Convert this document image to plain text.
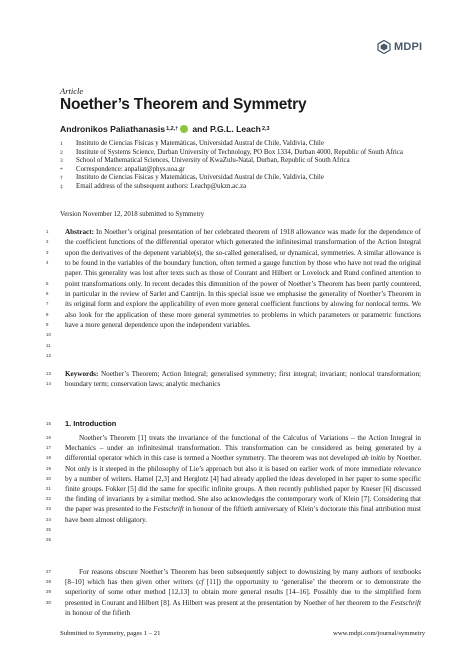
MDPI
Article
Noether’s Theorem and Symmetry
Andronikos Paliathanasis 1,2,† and
P.G.L. Leach 2,3
1 Instituto de Ciencias Físicas y Matemáticas, Universidad Austral de Chile, Valdivia, Chile
2 Institute of Systems Science, Durban University of Technology, PO Box 1334, Durban 4000, Republic of South Africa
3 School of Mathematical Sciences, University of KwaZulu-Natal, Durban, Republic of South Africa
* Correspondence: anpaliat@phys.uoa.gr
† Instituto de Ciencias Físicas y Matemáticas, Universidad Austral de Chile, Valdivia, Chile
‡ Email address of the subsequent authors: Leachp@ukzn.ac.za
Version November 12, 2018 submitted to Symmetry
1
2
3
4
5
6
7
8
9
10
11
12
13
14
15
16
17
18
19
20
21
22
23
24
25
26
27
28
29
30
Abstract: In Noether’s original presentation of her celebrated theorem of 1918 allowance was made for the dependence of the coefficient functions of the differential operator which generated the infinitesimal transformation of the Action Integral upon the derivatives of the depenent variable(s), the so-called generalised, or dynamical, symmetries. A similar allowance is to be found in the variables of the boundary function, often termed a gauge function by those who have not read the original paper. This generality was lost after texts such as those of Courant and Hilbert or Lovelock and Rund confined attention to point transformations only. In recent decades this dimunition of the power of Noether’s Theorem has been partly countered, in particular in the review of Sarlet and Cantrijn. In this special issue we emphasise the generality of Noether’s Theorem in its original form and explore the applicability of even more general coefficient functions by alowing for nonlocal terms. We also look for the application of these more general symmetries to problems in which parameters or parametric functions have a more general dependence upon the independent variables.
Keywords: Noether’s Theorem; Action Integral; generalised symmetry; first integral; invariant; nonlocal transformation; boundary term; conservation laws; analytic mechanics
1. Introduction
Noether’s Theorem [1] treats the invariance of the functional of the Calculus of Variations – the Action Integral in Mechanics – under an infinitesimal transformation. This transformation can be considered as being generated by a differential operator which in this case is termed a Noether symmetry. The theorem was not developed ab initio by Noether. Not only is it steeped in the philosophy of Lie’s approach but also it is based on earlier work of more immediate relevance by a number of writers. Hamel [2,3] and Herglotz [4] had already applied the ideas developed in her paper to some specific finite groups. Fokker [5] did the same for specific infinite groups. A then recently published paper by Kneser [6] discussed the finding of invariants by a similar method. She also acknowledges the contemporary work of Klein [7]. Considering that the paper was presented to the Festschrift in honour of the fiftieth anniversary of Klein’s doctorate this final attribution must have been almost obligatory.
For reasons obscure Noether’s Theorem has been subsequently subject to downsizing by many authors of textbooks [8–10] which has then given other writers (cf [11]) the opportunity to ‘generalise’ the theorem or to demonstrate the superiority of some other method [12,13] to obtain more general results [14–16]. Possibly due to the simplified form presented in Courant and Hilbert [8]. As Hilbert was present at the presentation by Noether of her theorem to the Festschrift in honour of the fifieth
Submitted to Symmetry, pages 1 – 21	www.mdpi.com/journal/symmetry
